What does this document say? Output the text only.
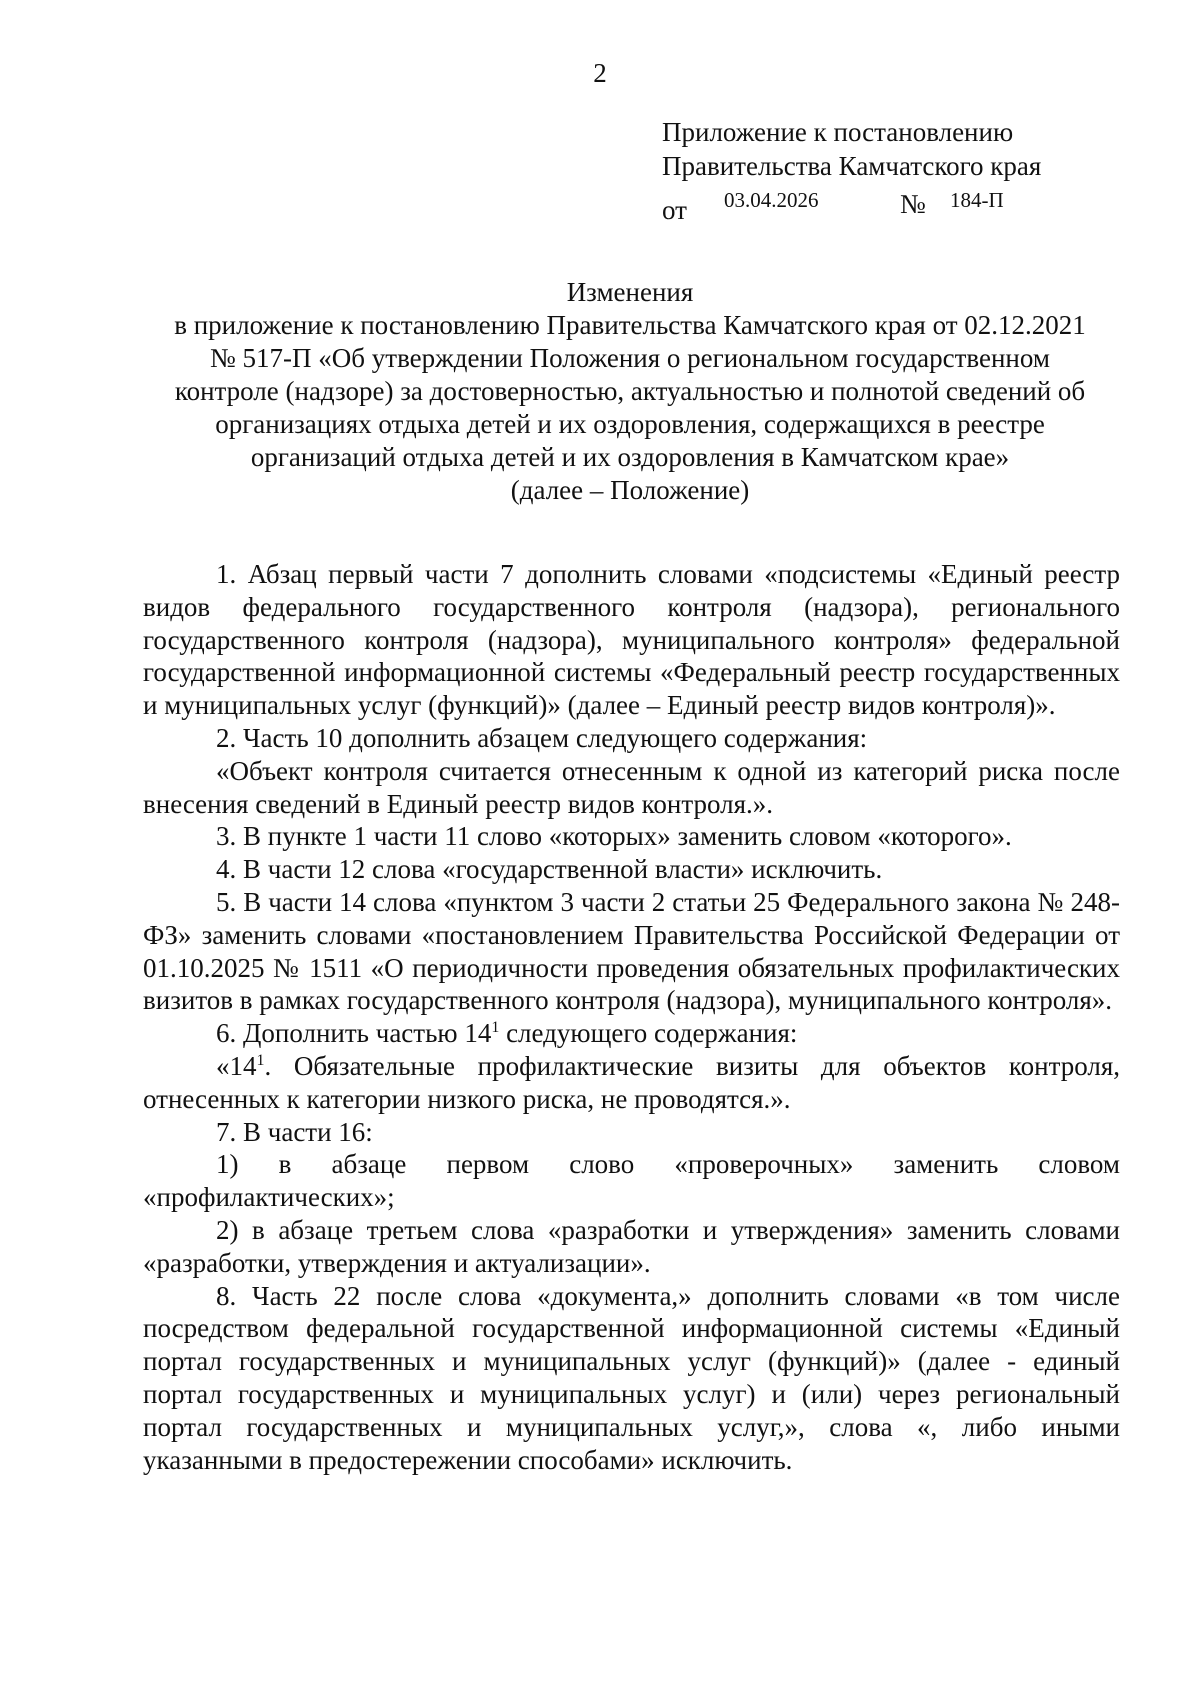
2
Приложение к постановлению
Правительства Камчатского края
от 03.04.2026	№ 184-П
Изменения
в приложение к постановлению Правительства Камчатского края от 02.12.2021
№ 517-П «Об утверждении Положения о региональном государственном
контроле (надзоре) за достоверностью, актуальностью и полнотой сведений об
организациях отдыха детей и их оздоровления, содержащихся в реестре
организаций отдыха детей и их оздоровления в Камчатском крае»
(далее – Положение)

1. Абзац первый части 7 дополнить словами «подсистемы «Единый реестр видов федерального государственного контроля (надзора), регионального государственного контроля (надзора), муниципального контроля» федеральной государственной информационной системы «Федеральный реестр государственных и муниципальных услуг (функций)» (далее – Единый реестр видов контроля)».

2. Часть 10 дополнить абзацем следующего содержания:

«Объект контроля считается отнесенным к одной из категорий риска после внесения сведений в Единый реестр видов контроля.».

3. В пункте 1 части 11 слово «которых» заменить словом «которого».

4. В части 12 слова «государственной власти» исключить.

5. В части 14 слова «пунктом 3 части 2 статьи 25 Федерального закона № 248-ФЗ» заменить словами «постановлением Правительства Российской Федерации от 01.10.2025 № 1511 «О периодичности проведения обязательных профилактических визитов в рамках государственного контроля (надзора), муниципального контроля».

6. Дополнить частью $14^1$ следующего содержания:

«$14^1$. Обязательные профилактические визиты для объектов контроля, отнесенных к категории низкого риска, не проводятся.».

7. В части 16:

1) в абзаце первом слово «проверочных» заменить словом «профилактических»;

2) в абзаце третьем слова «разработки и утверждения» заменить словами «разработки, утверждения и актуализации».

8. Часть 22 после слова «документа,» дополнить словами «в том числе посредством федеральной государственной информационной системы «Единый портал государственных и муниципальных услуг (функций)» (далее - единый портал государственных и муниципальных услуг) и (или) через региональный портал государственных и муниципальных услуг,», слова «, либо иными указанными в предостережении способами» исключить.
